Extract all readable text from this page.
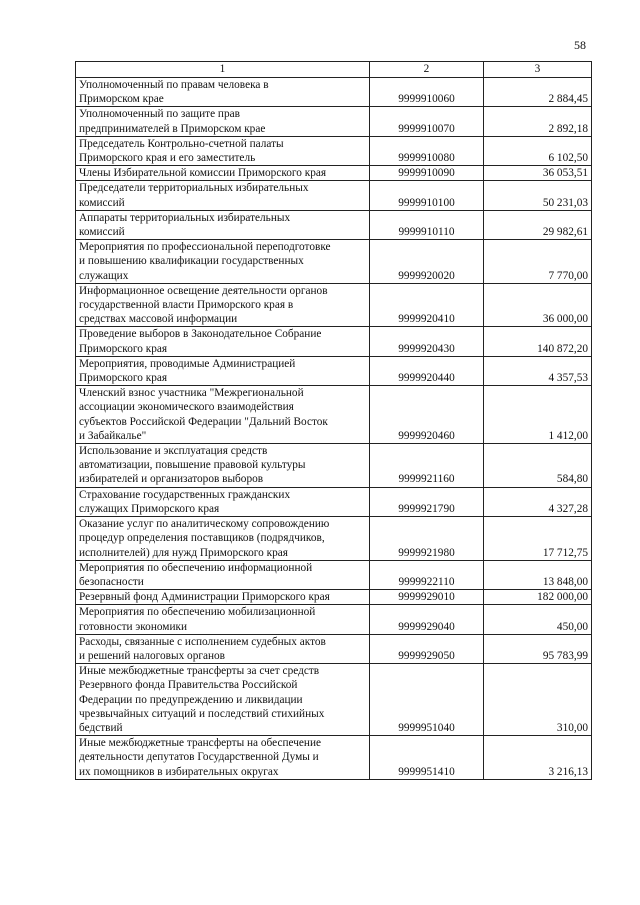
58
1	2	3
Уполномоченный по правам человека в
Приморском крае	9999910060	2 884,45
Уполномоченный по защите прав
предпринимателей в Приморском крае	9999910070	2 892,18
Председатель Контрольно-счетной палаты
Приморского края и его заместитель	9999910080	6 102,50
Члены Избирательной комиссии Приморского края	9999910090	36 053,51
Председатели территориальных избирательных
комиссий	9999910100	50 231,03
Аппараты территориальных избирательных
комиссий	9999910110	29 982,61
Мероприятия по профессиональной переподготовке
и повышению квалификации государственных
служащих	9999920020	7 770,00
Информационное освещение деятельности органов
государственной власти Приморского края в
средствах массовой информации	9999920410	36 000,00
Проведение выборов в Законодательное Собрание
Приморского края	9999920430	140 872,20
Мероприятия, проводимые Администрацией
Приморского края	9999920440	4 357,53
Членский взнос участника "Межрегиональной
ассоциации экономического взаимодействия
субъектов Российской Федерации "Дальний Восток
и Забайкалье"	9999920460	1 412,00
Использование и эксплуатация средств
автоматизации, повышение правовой культуры
избирателей и организаторов выборов	9999921160	584,80
Страхование государственных гражданских
служащих Приморского края	9999921790	4 327,28
Оказание услуг по аналитическому сопровождению
процедур определения поставщиков (подрядчиков,
исполнителей) для нужд Приморского края	9999921980	17 712,75
Мероприятия по обеспечению информационной
безопасности	9999922110	13 848,00
Резервный фонд Администрации Приморского края	9999929010	182 000,00
Мероприятия по обеспечению мобилизационной
готовности экономики	9999929040	450,00
Расходы, связанные с исполнением судебных актов
и решений налоговых органов	9999929050	95 783,99
Иные межбюджетные трансферты за счет средств
Резервного фонда Правительства Российской
Федерации по предупреждению и ликвидации
чрезвычайных ситуаций и последствий стихийных
бедствий	9999951040	310,00
Иные межбюджетные трансферты на обеспечение
деятельности депутатов Государственной Думы и
их помощников в избирательных округах	9999951410	3 216,13
